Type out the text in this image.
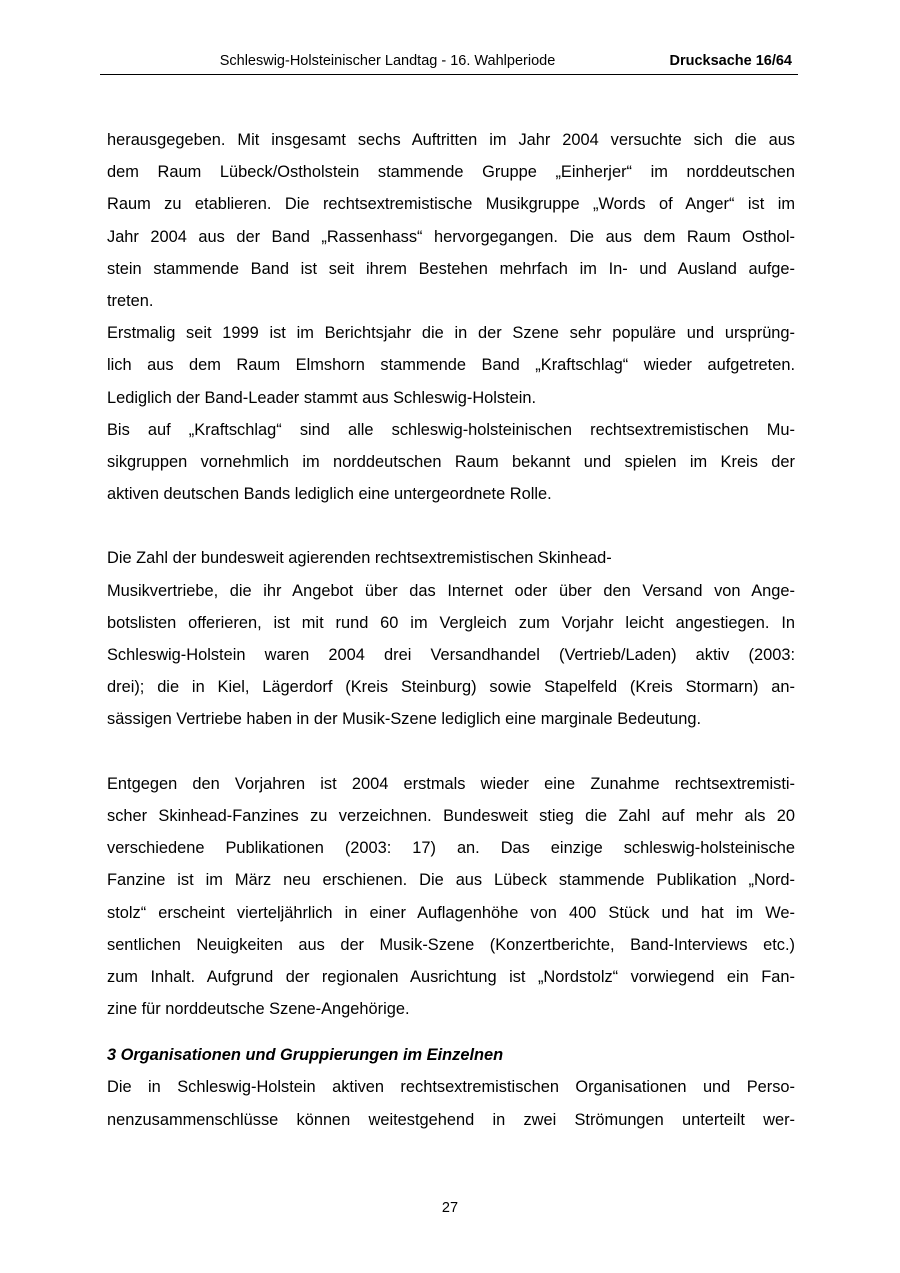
Schleswig-Holsteinischer Landtag - 16. Wahlperiode	Drucksache 16/64
herausgegeben. Mit insgesamt sechs Auftritten im Jahr 2004 versuchte sich die aus
dem Raum Lübeck/Ostholstein stammende Gruppe „Einherjer“ im norddeutschen
Raum zu etablieren. Die rechtsextremistische Musikgruppe „Words of Anger“ ist im
Jahr 2004 aus der Band „Rassenhass“ hervorgegangen. Die aus dem Raum Osthol-
stein stammende Band ist seit ihrem Bestehen mehrfach im In- und Ausland aufge-
treten.
Erstmalig seit 1999 ist im Berichtsjahr die in der Szene sehr populäre und ursprüng-
lich aus dem Raum Elmshorn stammende Band „Kraftschlag“ wieder aufgetreten.
Lediglich der Band-Leader stammt aus Schleswig-Holstein.
Bis auf „Kraftschlag“ sind alle schleswig-holsteinischen rechtsextremistischen Mu-
sikgruppen vornehmlich im norddeutschen Raum bekannt und spielen im Kreis der
aktiven deutschen Bands lediglich eine untergeordnete Rolle.
Die Zahl der bundesweit agierenden rechtsextremistischen Skinhead-
Musikvertriebe, die ihr Angebot über das Internet oder über den Versand von Ange-
botslisten offerieren, ist mit rund 60 im Vergleich zum Vorjahr leicht angestiegen. In
Schleswig-Holstein waren 2004 drei Versandhandel (Vertrieb/Laden) aktiv (2003:
drei); die in Kiel, Lägerdorf (Kreis Steinburg) sowie Stapelfeld (Kreis Stormarn) an-
sässigen Vertriebe haben in der Musik-Szene lediglich eine marginale Bedeutung.
Entgegen den Vorjahren ist 2004 erstmals wieder eine Zunahme rechtsextremisti-
scher Skinhead-Fanzines zu verzeichnen. Bundesweit stieg die Zahl auf mehr als 20
verschiedene Publikationen (2003: 17) an. Das einzige schleswig-holsteinische
Fanzine ist im März neu erschienen. Die aus Lübeck stammende Publikation „Nord-
stolz“ erscheint vierteljährlich in einer Auflagenhöhe von 400 Stück und hat im We-
sentlichen Neuigkeiten aus der Musik-Szene (Konzertberichte, Band-Interviews etc.)
zum Inhalt. Aufgrund der regionalen Ausrichtung ist „Nordstolz“ vorwiegend ein Fan-
zine für norddeutsche Szene-Angehörige.
3 Organisationen und Gruppierungen im Einzelnen
Die in Schleswig-Holstein aktiven rechtsextremistischen Organisationen und Perso-
nenzusammenschlüsse können weitestgehend in zwei Strömungen unterteilt wer-
27
